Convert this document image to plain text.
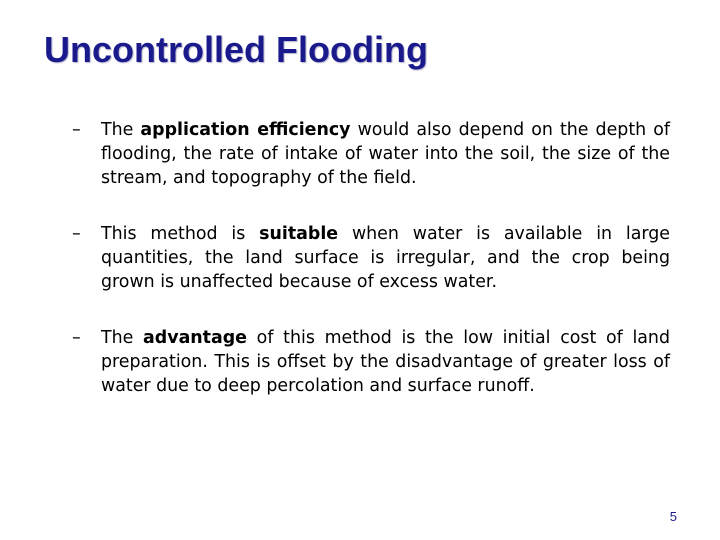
Uncontrolled Flooding
– The application efficiency would also depend on the depth of flooding, the rate of intake of water into the soil, the size of the stream, and topography of the field.
– This method is suitable when water is available in large quantities, the land surface is irregular, and the crop being grown is unaffected because of excess water.
– The advantage of this method is the low initial cost of land preparation. This is offset by the disadvantage of greater loss of water due to deep percolation and surface runoff.
5
